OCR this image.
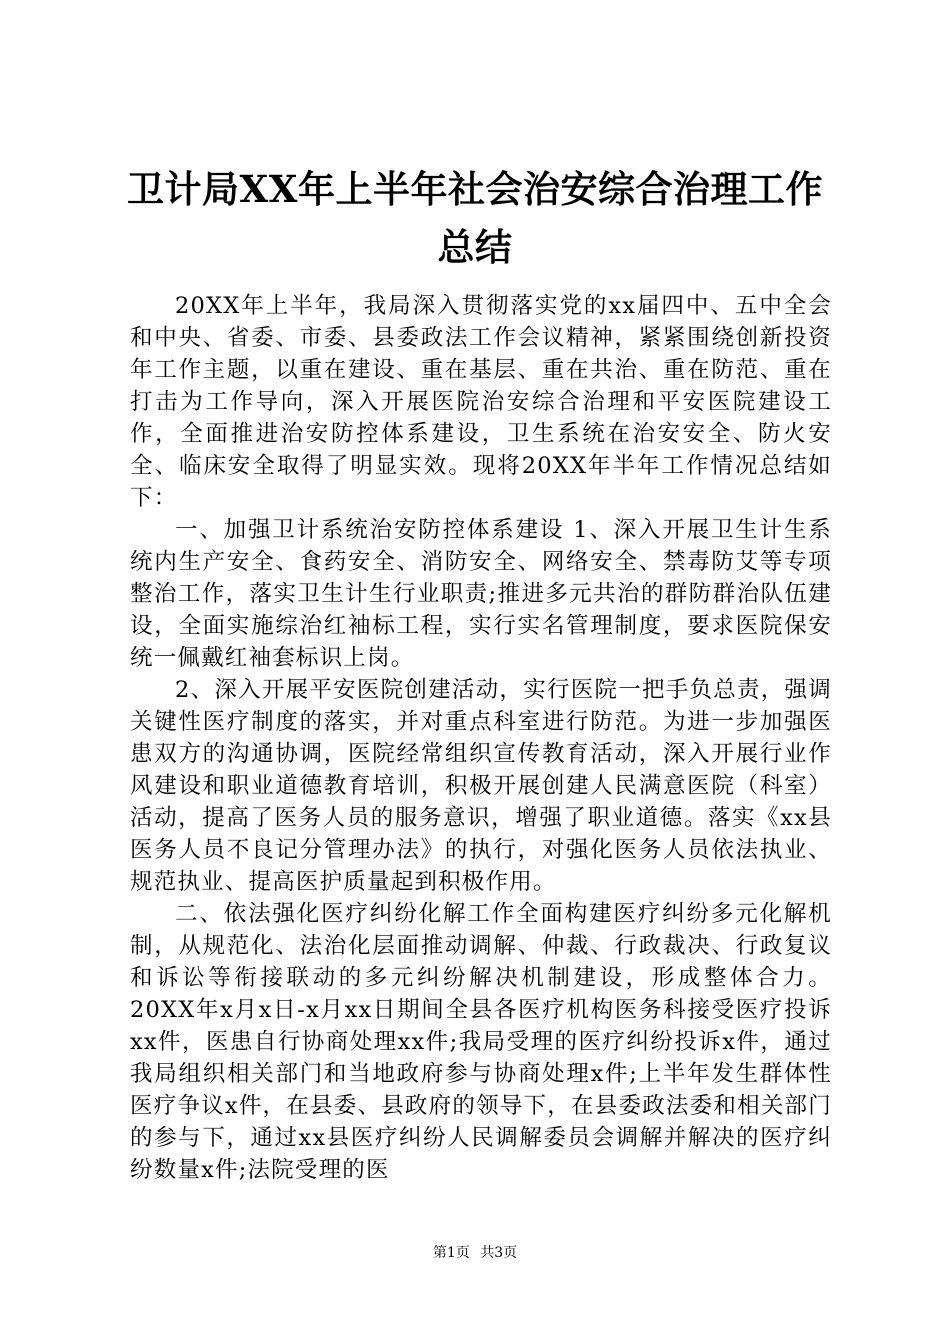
卫计局XX年上半年社会治安综合治理工作总结

20XX年上半年，我局深入贯彻落实党的xx届四中、五中全会和中央、省委、市委、县委政法工作会议精神，紧紧围绕创新投资年工作主题，以重在建设、重在基层、重在共治、重在防范、重在打击为工作导向，深入开展医院治安综合治理和平安医院建设工作，全面推进治安防控体系建设，卫生系统在治安安全、防火安全、临床安全取得了明显实效。现将20XX年半年工作情况总结如下：

一、加强卫计系统治安防控体系建设 1、深入开展卫生计生系统内生产安全、食药安全、消防安全、网络安全、禁毒防艾等专项整治工作，落实卫生计生行业职责;推进多元共治的群防群治队伍建设，全面实施综治红袖标工程，实行实名管理制度，要求医院保安统一佩戴红袖套标识上岗。

2、深入开展平安医院创建活动，实行医院一把手负总责，强调关键性医疗制度的落实，并对重点科室进行防范。为进一步加强医患双方的沟通协调，医院经常组织宣传教育活动，深入开展行业作风建设和职业道德教育培训，积极开展创建人民满意医院（科室）活动，提高了医务人员的服务意识，增强了职业道德。落实《xx县医务人员不良记分管理办法》的执行，对强化医务人员依法执业、规范执业、提高医护质量起到积极作用。

二、依法强化医疗纠纷化解工作全面构建医疗纠纷多元化解机制，从规范化、法治化层面推动调解、仲裁、行政裁决、行政复议和诉讼等衔接联动的多元纠纷解决机制建设，形成整体合力。20XX年x月x日-x月xx日期间全县各医疗机构医务科接受医疗投诉xx件，医患自行协商处理xx件;我局受理的医疗纠纷投诉x件，通过我局组织相关部门和当地政府参与协商处理x件;上半年发生群体性医疗争议x件，在县委、县政府的领导下，在县委政法委和相关部门的参与下，通过xx县医疗纠纷人民调解委员会调解并解决的医疗纠纷数量x件;法院受理的医

第1页 共3页
